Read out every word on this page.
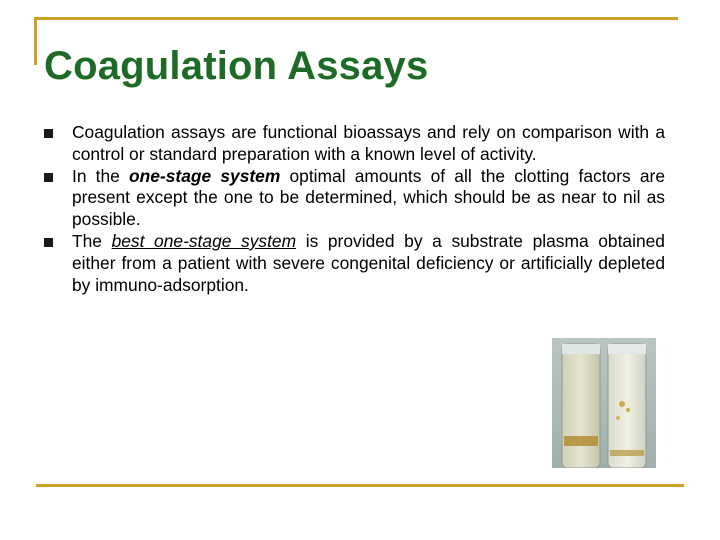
Coagulation Assays
Coagulation assays are functional bioassays and rely on comparison with a control or standard preparation with a known level of activity.
In the one-stage system optimal amounts of all the clotting factors are present except the one to be determined, which should be as near to nil as possible.
The best one-stage system is provided by a substrate plasma obtained either from a patient with severe congenital deficiency or artificially depleted by immuno-adsorption.
